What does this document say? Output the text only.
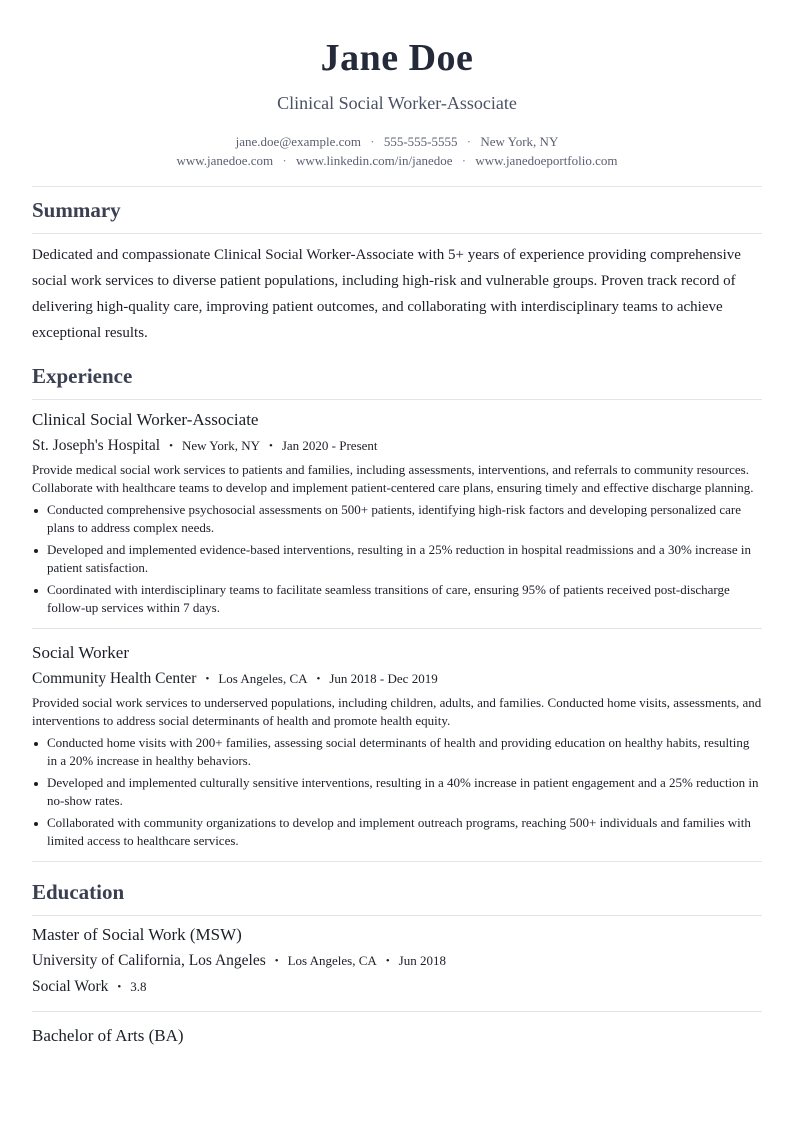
Jane Doe
Clinical Social Worker-Associate
jane.doe@example.com · 555-555-5555 · New York, NY
www.janedoe.com · www.linkedin.com/in/janedoe · www.janedoeportfolio.com
Summary

Dedicated and compassionate Clinical Social Worker-Associate with 5+ years of experience providing comprehensive social work services to diverse patient populations, including high-risk and vulnerable groups. Proven track record of delivering high-quality care, improving patient outcomes, and collaborating with interdisciplinary teams to achieve exceptional results.

Experience
Clinical Social Worker-Associate
St. Joseph's Hospital • New York, NY • Jan 2020 - Present
Provide medical social work services to patients and families, including assessments, interventions, and referrals to community resources. Collaborate with healthcare teams to develop and implement patient-centered care plans, ensuring timely and effective discharge planning.
Conducted comprehensive psychosocial assessments on 500+ patients, identifying high-risk factors and developing personalized care plans to address complex needs.
Developed and implemented evidence-based interventions, resulting in a 25% reduction in hospital readmissions and a 30% increase in patient satisfaction.
Coordinated with interdisciplinary teams to facilitate seamless transitions of care, ensuring 95% of patients received post-discharge follow-up services within 7 days.
Social Worker
Community Health Center • Los Angeles, CA • Jun 2018 - Dec 2019
Provided social work services to underserved populations, including children, adults, and families. Conducted home visits, assessments, and interventions to address social determinants of health and promote health equity.
Conducted home visits with 200+ families, assessing social determinants of health and providing education on healthy habits, resulting in a 20% increase in healthy behaviors.
Developed and implemented culturally sensitive interventions, resulting in a 40% increase in patient engagement and a 25% reduction in no-show rates.
Collaborated with community organizations to develop and implement outreach programs, reaching 500+ individuals and families with limited access to healthcare services.
Education
Master of Social Work (MSW)
University of California, Los Angeles • Los Angeles, CA • Jun 2018
Social Work • 3.8
Bachelor of Arts (BA)
